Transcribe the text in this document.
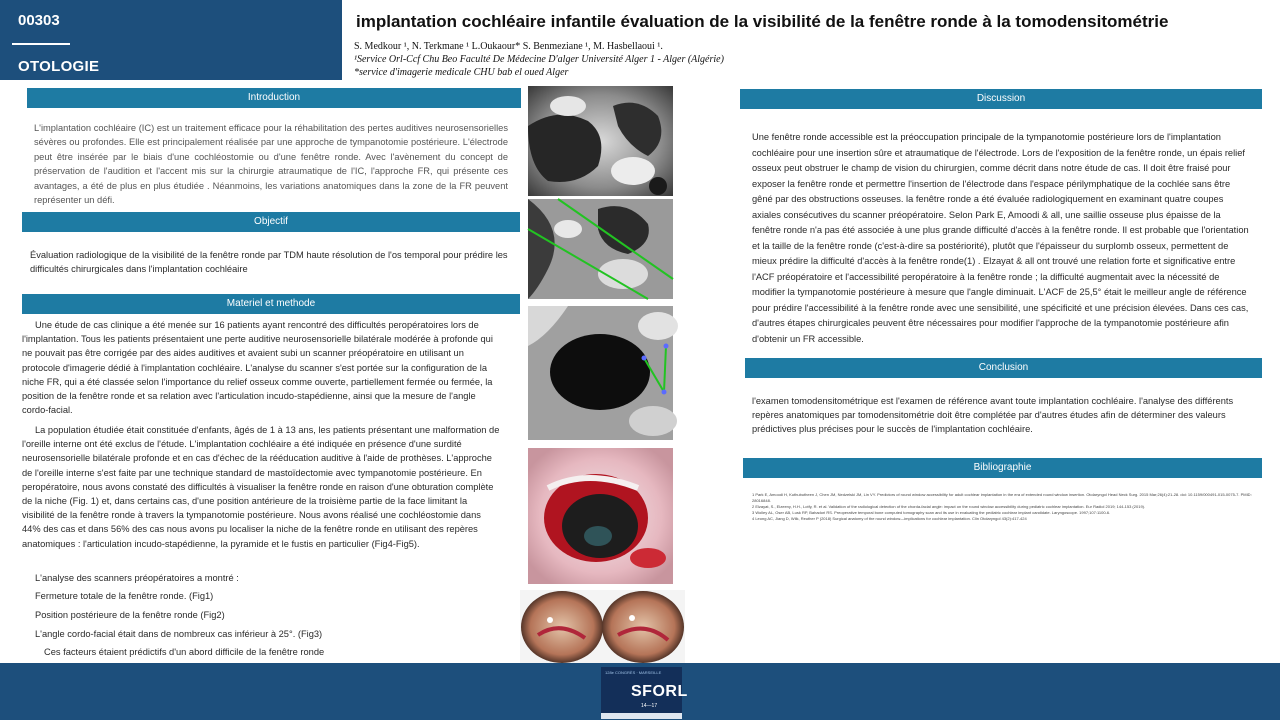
00303
OTOLOGIE
implantation cochléaire infantile évaluation de la visibilité de la fenêtre ronde à la tomodensitométrie
S. Medkour ¹, N. Terkmane ¹ L.Oukaour* S. Benmeziane ¹, M. Hasbellaoui ¹.
¹Service Orl-Ccf Chu Beo Faculté De Médecine D'alger Université Alger 1 - Alger (Algérie)
*service d'imagerie medicale CHU bab el oued Alger
Introduction
L'implantation cochléaire (IC) est un traitement efficace pour la réhabilitation des pertes auditives neurosensorielles sévères ou profondes. Elle est principalement réalisée par une approche de tympanotomie postérieure. L'électrode peut être insérée par le biais d'une cochléostomie ou d'une fenêtre ronde. Avec l'avènement du concept de préservation de l'audition et l'accent mis sur la chirurgie atraumatique de l'IC, l'approche FR, qui présente ces avantages, a été de plus en plus étudiée . Néanmoins, les variations anatomiques dans la zone de la FR peuvent représenter un défi.
Objectif
Évaluation radiologique de la visibilité de la fenêtre ronde par TDM haute résolution de l'os temporal pour prédire les difficultés chirurgicales dans l'implantation cochléaire
Materiel et methode
Une étude de cas clinique a été menée sur 16 patients ayant rencontré des difficultés peropératoires lors de l'implantation. Tous les patients présentaient une perte auditive neurosensorielle bilatérale modérée à profonde qui ne pouvait pas être corrigée par des aides auditives et avaient subi un scanner préopératoire en utilisant un protocole d'imagerie dédié à l'implantation cochléaire. L'analyse du scanner s'est portée sur la configuration de la niche FR, qui a été classée selon l'importance du relief osseux comme ouverte, partiellement fermée ou fermée, la position de la fenêtre ronde et sa relation avec l'articulation incudo-stapédienne, ainsi que la mesure de l'angle cordo-facial.
La population étudiée était constituée d'enfants, âgés de 1 à 13 ans, les patients présentant une malformation de l'oreille interne ont été exclus de l'étude. L'implantation cochléaire a été indiquée en présence d'une surdité neurosensorielle bilatérale profonde et en cas d'échec de la rééducation auditive à l'aide de prothèses. L'approche de l'oreille interne s'est faite par une technique standard de mastoïdectomie avec tympanotomie postérieure. En peropératoire, nous avons constaté des difficultés à visualiser la fenêtre ronde en raison d'une obturation complète de la niche (Fig. 1) et, dans certains cas, d'une position antérieure de la troisième partie de la face limitant la visibilité de la fenêtre ronde à travers la tympanotomie postérieure. Nous avons réalisé une cochléostomie dans 44% des cas et dans 56% des cas nous avons pu localiser la niche de la fenêtre ronde en utilisant des repères anatomiques : l'articulation incudo-stapédienne, la pyramide et le fustis en particulier (Fig4-Fig5).
L'analyse des scanners préopératoires a montré :
Fermeture totale de la fenêtre ronde. (Fig1)
Position postérieure de la fenêtre ronde (Fig2)
L'angle cordo-facial était dans de nombreux cas inférieur à 25°. (Fig3)
Ces facteurs étaient prédictifs d'un abord difficile de la fenêtre ronde
Discussion
Une fenêtre ronde accessible est la préoccupation principale de la tympanotomie postérieure lors de l'implantation cochléaire pour une insertion sûre et atraumatique de l'électrode. Lors de l'exposition de la fenêtre ronde, un épais relief osseux peut obstruer le champ de vision du chirurgien, comme décrit dans notre étude de cas. Il doit être fraisé pour exposer la fenêtre ronde et permettre l'insertion de l'électrode dans l'espace périlymphatique de la cochlée sans être gêné par des obstructions osseuses. la fenêtre ronde a été évaluée radiologiquement en examinant quatre coupes axiales consécutives du scanner préopératoire. Selon Park E, Amoodi & all, une saillie osseuse plus épaisse de la fenêtre ronde n'a pas été associée à une plus grande difficulté d'accès à la fenêtre ronde. Il est probable que l'orientation et la taille de la fenêtre ronde (c'est-à-dire sa postériorité), plutôt que l'épaisseur du surplomb osseux, permettent de mieux prédire la difficulté d'accès à la fenêtre ronde(1) . Elzayat & all ont trouvé une relation forte et significative entre l'ACF préopératoire et l'accessibilité peropératoire à la fenêtre ronde ; la difficulté augmentait avec la nécessité de modifier la tympanotomie postérieure à mesure que l'angle diminuait. L'ACF de 25,5° était le meilleur angle de référence pour prédire l'accessibilité à la fenêtre ronde avec une sensibilité, une spécificité et une précision élevées. Dans ces cas, d'autres étapes chirurgicales peuvent être nécessaires pour modifier l'approche de la tympanotomie postérieure afin d'obtenir un FR accessible.
Conclusion
l'examen tomodensitométrique est l'examen de référence avant toute implantation cochléaire. l'analyse des différents repères anatomiques par tomodensitométrie doit être complétée par d'autres études afin de déterminer des valeurs prédictives plus précises pour le succès de l'implantation cochléaire.
Bibliographie
1 Park E, Amoodi H, Kuthubutheen J, Chen JM, Nedzelski JM, Lin VY. Predictors of round window accessibility for adult cochlear implantation in the era of extended round window insertion. Otolaryngol Head Neck Surg. 2015 Mar;26(4):21-28. doi: 10.1159/000491-015-0075-7. PMID: 28016848.
2 Elzayat, S., Elzeeny, H.H., Lotfy, R. et al. Validation of the radiological detection of the chorda-facial angle: impact on the round window accessibility during pediatric cochlear implantation. Eur Radiol 2019; 144-153 (2019).
3 Wolley AL, Oser AB, Lusk RP, Bahadori RS. Preoperative temporal bone computed tomography scan and its use in evaluating the pediatric cochlear implant candidate. Laryngoscope. 1997;107:1100-6.
4 Leong AC, Jiang D, Wilk, Reuther P (2018) Surgical anatomy of the round window—implications for cochlear implantation. Clin Otolaryngol 43(2):417-424
128e CONGRÈS · MARSEILLE
SFORL
14—17
